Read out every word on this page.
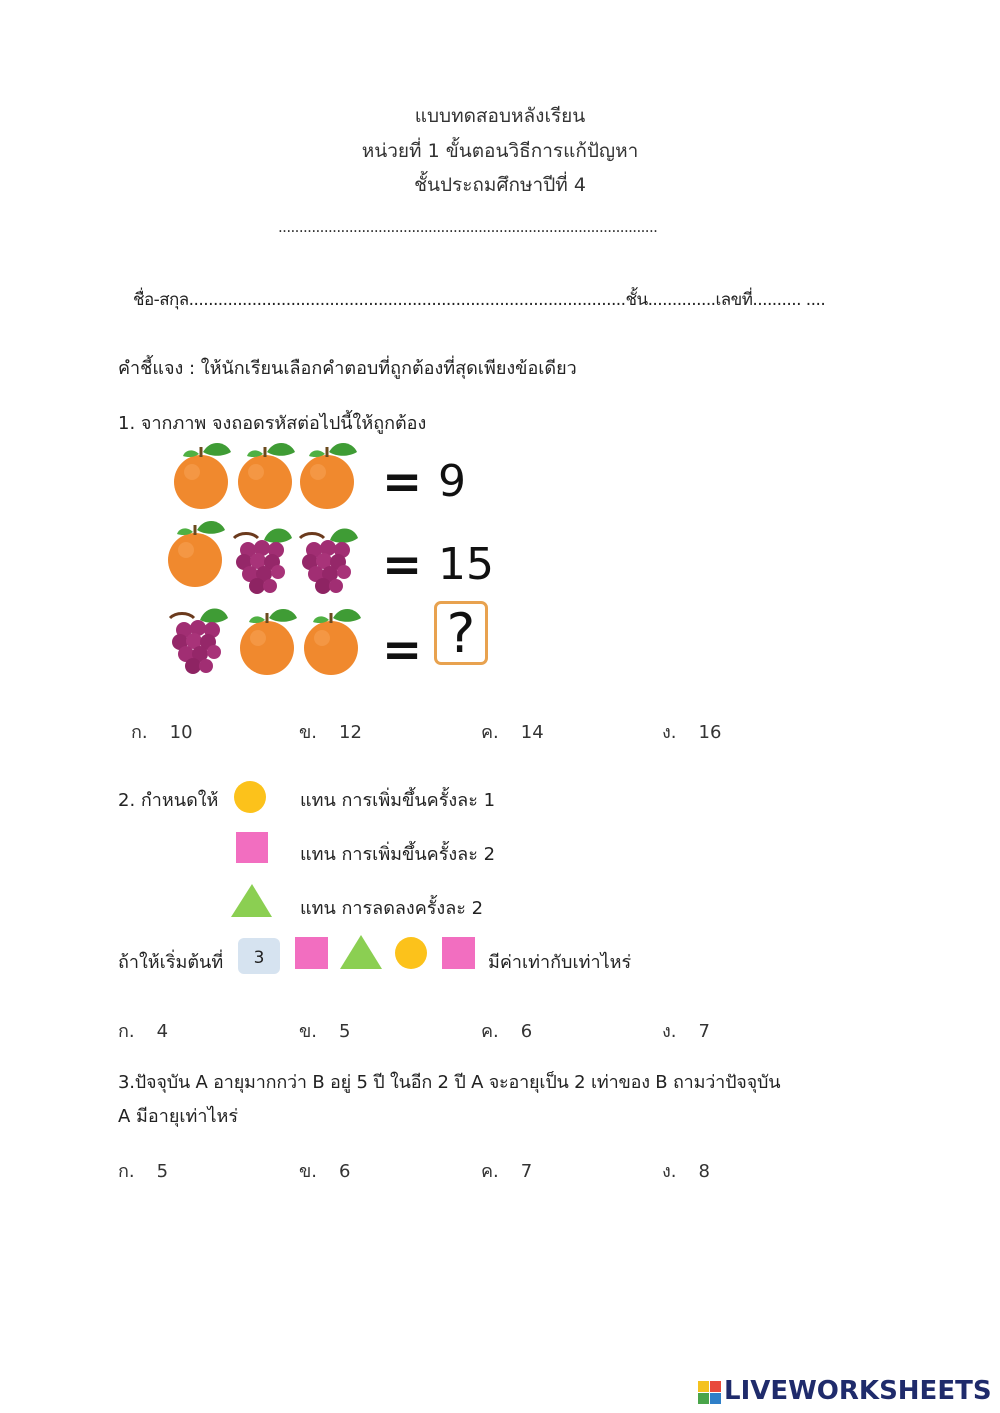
แบบทดสอบหลังเรียน
หน่วยที่ 1 ขั้นตอนวิธีการแก้ปัญหา
ชั้นประถมศึกษาปีที่ 4
...........................................................................................
ชื่อ-สกุล..........................................................................................ชั้น..............เลขที่.......... ....
คำชี้แจง : ให้นักเรียนเลือกคำตอบที่ถูกต้องที่สุดเพียงข้อเดียว
1. จากภาพ จงถอดรหัสต่อไปนี้ให้ถูกต้อง
= 9
= 15
= ?
ก. 10	ข. 12	ค. 14	ง. 16
2. กำหนดให้	แทน การเพิ่มขึ้นครั้งละ 1
แทน การเพิ่มขึ้นครั้งละ 2
แทน การลดลงครั้งละ 2
ถ้าให้เริ่มต้นที่	3	มีค่าเท่ากับเท่าไหร่
ก. 4	ข. 5	ค. 6	ง. 7
3.ปัจจุบัน A อายุมากกว่า B อยู่ 5 ปี ในอีก 2 ปี A จะอายุเป็น 2 เท่าของ B ถามว่าปัจจุบัน
A มีอายุเท่าไหร่
ก. 5	ข. 6	ค. 7	ง. 8
LIVEWORKSHEETS
